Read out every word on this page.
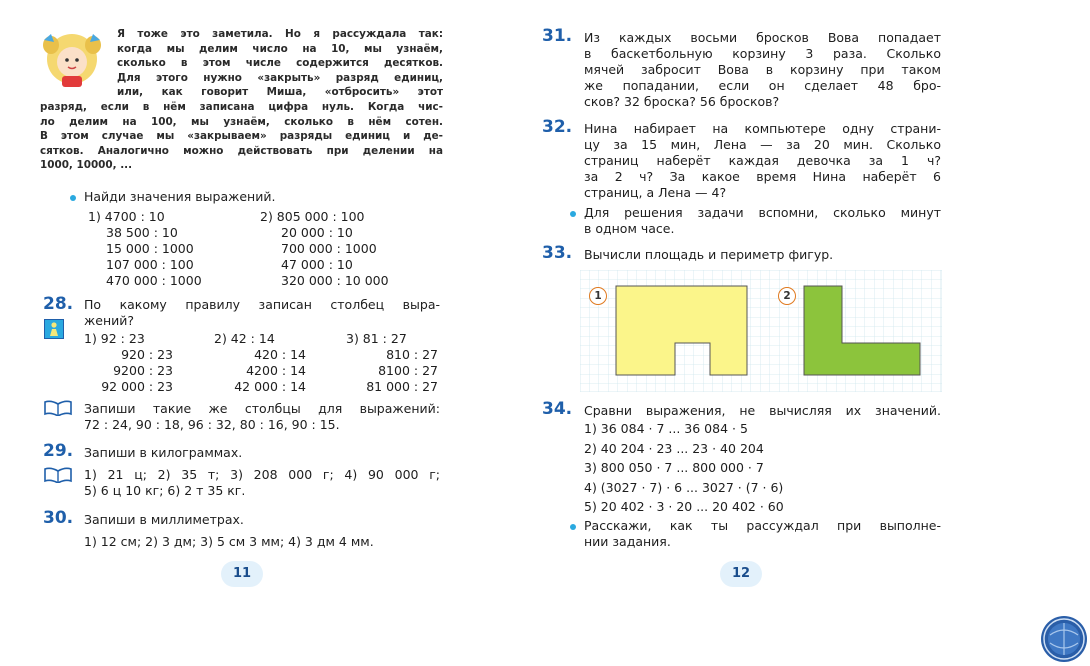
Я тоже это заметила. Но я рассуждала так:
когда мы делим число на 10, мы узнаём,
сколько в этом числе содержится десятков.
Для этого нужно «закрыть» разряд единиц,
или, как говорит Миша, «отбросить» этот
разряд, если в нём записана цифра нуль. Когда чис-
ло делим на 100, мы узнаём, сколько в нём сотен.
В этом случае мы «закрываем» разряды единиц и де-
сятков. Аналогично можно действовать при делении на
1000, 10000, ...
Найди значения выражений.
1) 4700 : 10
38 500 : 10
15 000 : 1000
107 000 : 100
470 000 : 1000
2) 805 000 : 100
20 000 : 10
700 000 : 1000
47 000 : 10
320 000 : 10 000
28. По какому правилу записан столбец выра-
жений?
1) 92 : 23
920 : 23
9200 : 23
92 000 : 23
2) 42 : 14
420 : 14
4200 : 14
42 000 : 14
3) 81 : 27
810 : 27
8100 : 27
81 000 : 27
Запиши такие же столбцы для выражений:
72 : 24, 90 : 18, 96 : 32, 80 : 16, 90 : 15.
29. Запиши в килограммах.
1) 21 ц; 2) 35 т; 3) 208 000 г; 4) 90 000 г;
5) 6 ц 10 кг; 6) 2 т 35 кг.
30. Запиши в миллиметрах.
1) 12 см; 2) 3 дм; 3) 5 см 3 мм; 4) 3 дм 4 мм.
11
31. Из каждых восьми бросков Вова попадает
в баскетбольную корзину 3 раза. Сколько
мячей забросит Вова в корзину при таком
же попадании, если он сделает 48 бро-
сков? 32 броска? 56 бросков?
32. Нина набирает на компьютере одну страни-
цу за 15 мин, Лена — за 20 мин. Сколько
страниц наберёт каждая девочка за 1 ч?
за 2 ч? За какое время Нина наберёт 6
страниц, а Лена — 4?
Для решения задачи вспомни, сколько минут
в одном часе.
33. Вычисли площадь и периметр фигур.
1	2
34. Сравни выражения, не вычисляя их значений.
1) 36 084 · 7 ... 36 084 · 5
2) 40 204 · 23 ... 23 · 40 204
3) 800 050 · 7 ... 800 000 · 7
4) (3027 · 7) · 6 ... 3027 · (7 · 6)
5) 20 402 · 3 · 20 ... 20 402 · 60
Расскажи, как ты рассуждал при выполне-
нии задания.
12
